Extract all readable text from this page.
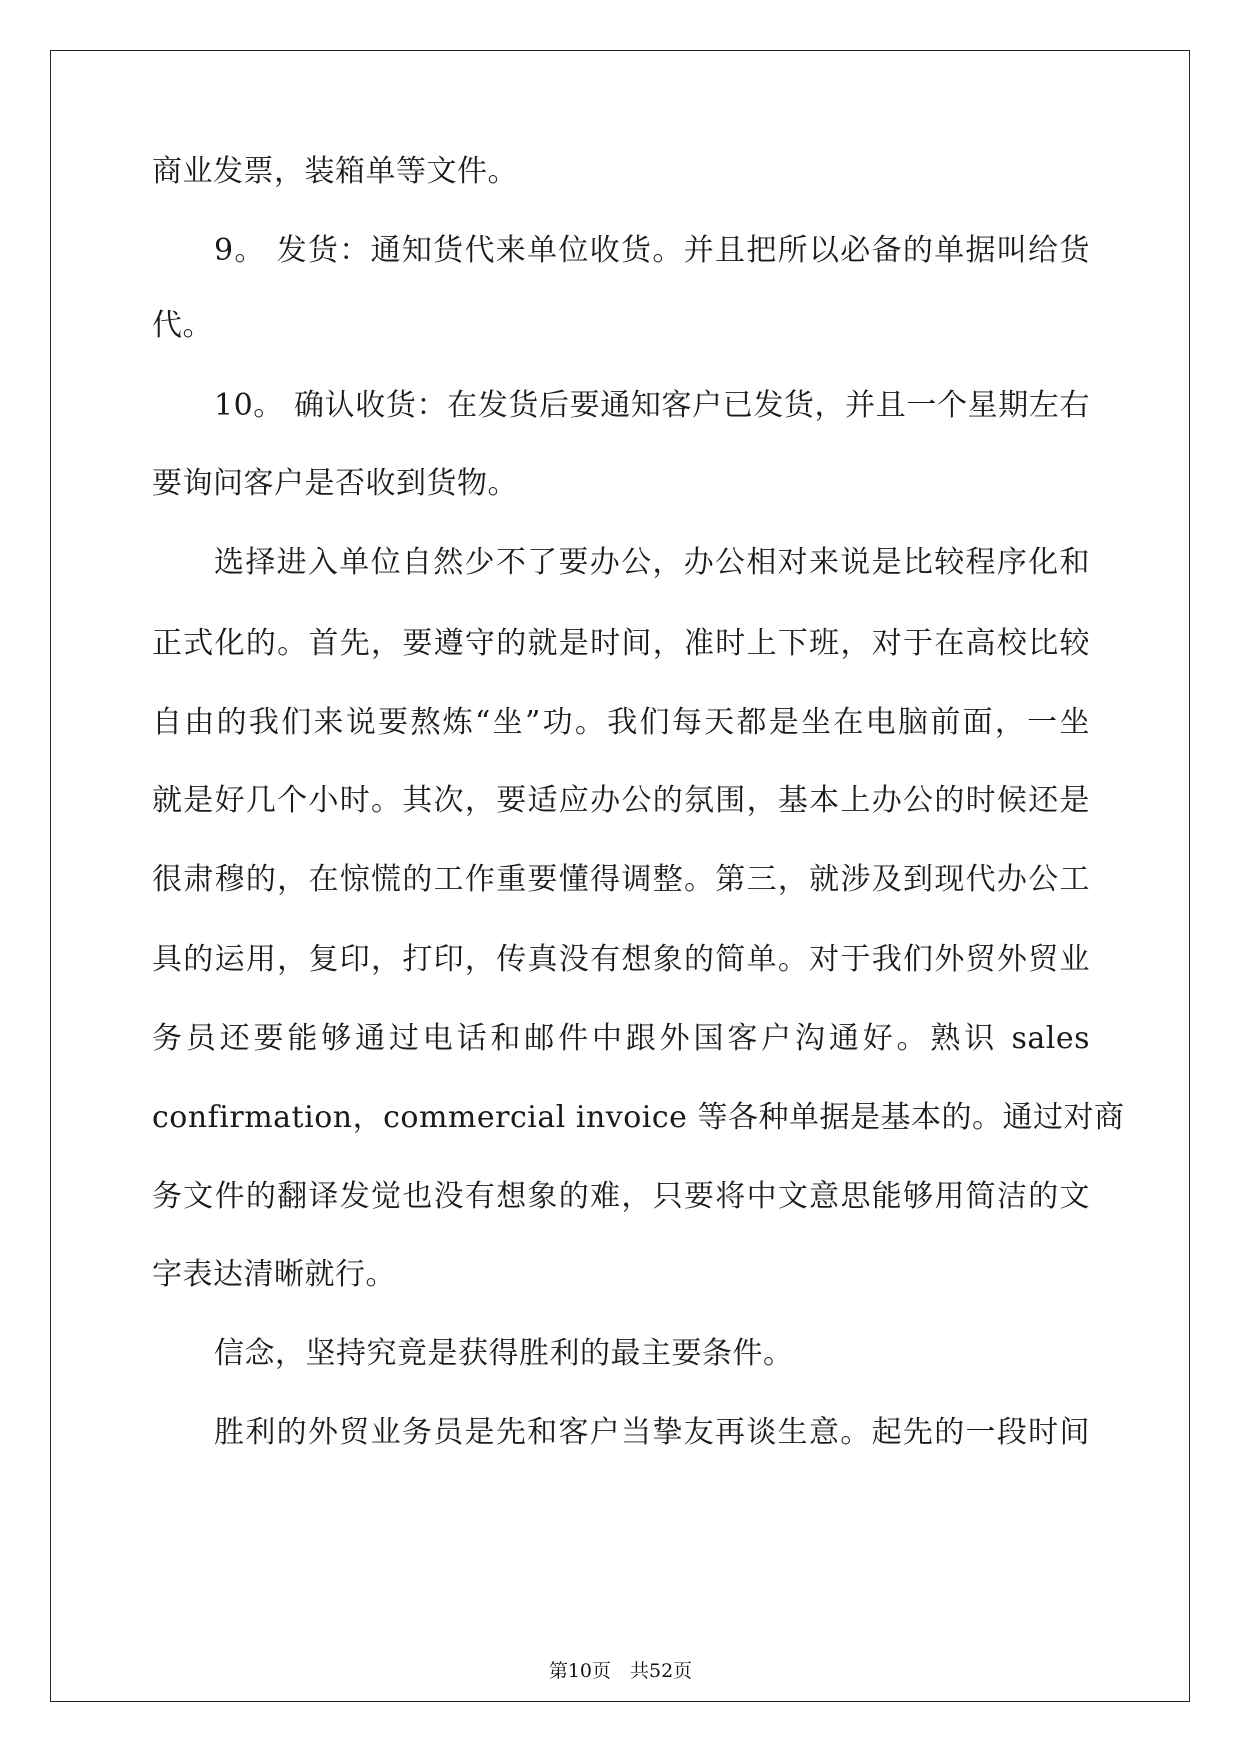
商业发票，装箱单等文件。
9。 发货：通知货代来单位收货。并且把所以必备的单据叫给货
代。
10。 确认收货：在发货后要通知客户已发货，并且一个星期左右
要询问客户是否收到货物。
选择进入单位自然少不了要办公，办公相对来说是比较程序化和
正式化的。首先，要遵守的就是时间，准时上下班，对于在高校比较
自由的我们来说要熬炼“坐”功。我们每天都是坐在电脑前面，一坐
就是好几个小时。其次，要适应办公的氛围，基本上办公的时候还是
很肃穆的，在惊慌的工作重要懂得调整。第三，就涉及到现代办公工
具的运用，复印，打印，传真没有想象的简单。对于我们外贸外贸业
务员还要能够通过电话和邮件中跟外国客户沟通好。熟识 sales
confirmation，commercial invoice 等各种单据是基本的。通过对商
务文件的翻译发觉也没有想象的难，只要将中文意思能够用简洁的文
字表达清晰就行。
信念，坚持究竟是获得胜利的最主要条件。
胜利的外贸业务员是先和客户当挚友再谈生意。起先的一段时间
第10页　共52页
